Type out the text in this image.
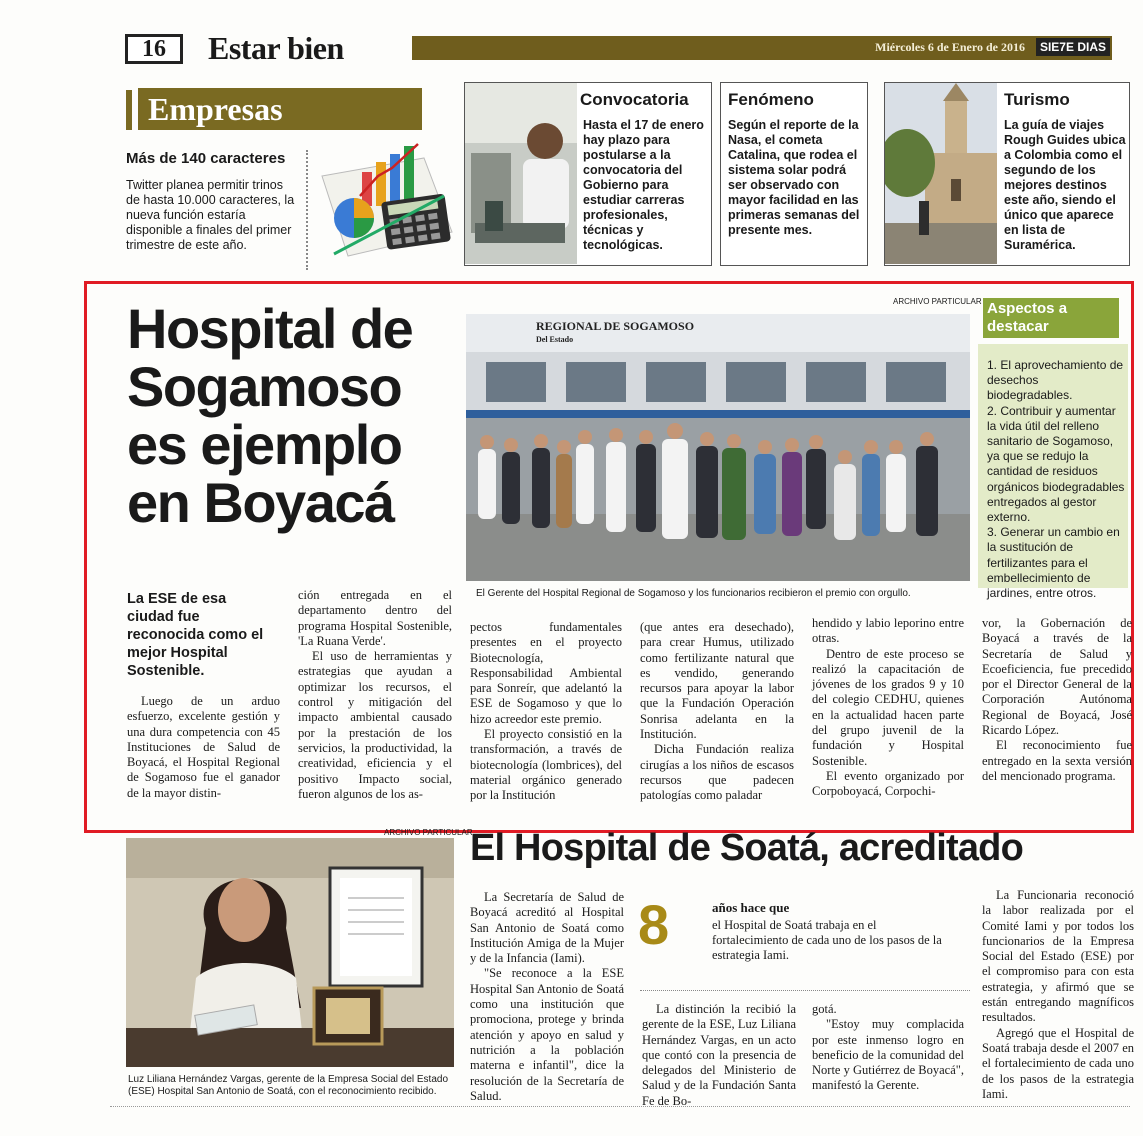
16	Estar bien	Miércoles 6 de Enero de 2016	SIE7E DIAS
Empresas
Más de 140 caracteres
Twitter planea permitir trinos de hasta 10.000 caracteres, la nueva función estaría disponible a finales del primer trimestre de este año.
Convocatoria
Hasta el 17 de enero hay plazo para postularse a la convocatoria del Gobierno para estudiar carreras profesionales, técnicas y tecnológicas.
Fenómeno
Según el reporte de la Nasa, el cometa Catalina, que rodea el sistema solar podrá ser observado con mayor facilidad en las primeras semanas del presente mes.
Turismo
La guía de viajes Rough Guides ubica a Colombia como el segundo de los mejores destinos este año, siendo el único que aparece en lista de Suramérica.
ARCHIVO PARTICULAR
Hospital de Sogamoso es ejemplo en Boyacá
REGIONAL DE SOGAMOSO
Del Estado
El Gerente del Hospital Regional de Sogamoso y los funcionarios recibieron el premio con orgullo.
Aspectos a destacar
1. El aprovechamiento de desechos biodegradables.
2. Contribuir y aumentar la vida útil del relleno sanitario de Sogamoso, ya que se redujo la cantidad de residuos orgánicos biodegradables entregados al gestor externo.
3. Generar un cambio en la sustitución de fertilizantes para el embellecimiento de jardines, entre otros.
La ESE de esa ciudad fue reconocida como el mejor Hospital Sostenible.

Luego de un arduo esfuerzo, excelente gestión y una dura competencia con 45 Instituciones de Salud de Boyacá, el Hospital Regional de Sogamoso fue el ganador de la mayor distin-

ción entregada en el departamento dentro del programa Hospital Sostenible, 'La Ruana Verde'.

El uso de herramientas y estrategias que ayudan a optimizar los recursos, el control y mitigación del impacto ambiental causado por la prestación de los servicios, la productividad, la creatividad, eficiencia y el positivo Impacto social, fueron algunos de los as-

pectos fundamentales presentes en el proyecto Biotecnología, Responsabilidad Ambiental para Sonreír, que adelantó la ESE de Sogamoso y que lo hizo acreedor este premio.

El proyecto consistió en la transformación, a través de biotecnología (lombrices), del material orgánico generado por la Institución

(que antes era desechado), para crear Humus, utilizado como fertilizante natural que es vendido, generando recursos para apoyar la labor que la Fundación Operación Sonrisa adelanta en la Institución.

Dicha Fundación realiza cirugías a los niños de escasos recursos que padecen patologías como paladar

hendido y labio leporino entre otras.

Dentro de este proceso se realizó la capacitación de jóvenes de los grados 9 y 10 del colegio CEDHU, quienes en la actualidad hacen parte del grupo juvenil de la fundación y Hospital Sostenible.

El evento organizado por Corpoboyacá, Corpochi-

vor, la Gobernación de Boyacá a través de la Secretaría de Salud y Ecoeficiencia, fue precedido por el Director General de la Corporación Autónoma Regional de Boyacá, José Ricardo López.

El reconocimiento fue entregado en la sexta versión del mencionado programa.

ARCHIVO PARTICULAR
Luz Liliana Hernández Vargas, gerente de la Empresa Social del Estado (ESE) Hospital San Antonio de Soatá, con el reconocimiento recibido.
El Hospital de Soatá, acreditado

La Secretaría de Salud de Boyacá acreditó al Hospital San Antonio de Soatá como Institución Amiga de la Mujer y de la Infancia (Iami).

"Se reconoce a la ESE Hospital San Antonio de Soatá como una institución que promociona, protege y brinda atención y apoyo en salud y nutrición a la población materna e infantil", dice la resolución de la Secretaría de Salud.

8	años hace que
el Hospital de Soatá trabaja en el fortalecimiento de cada uno de los pasos de la estrategia Iami.

La distinción la recibió la gerente de la ESE, Luz Liliana Hernández Vargas, en un acto que contó con la presencia de delegados del Ministerio de Salud y de la Fundación Santa Fe de Bo-

gotá.

"Estoy muy complacida por este inmenso logro en beneficio de la comunidad del Norte y Gutiérrez de Boyacá", manifestó la Gerente.

La Funcionaria reconoció la labor realizada por el Comité Iami y por todos los funcionarios de la Empresa Social del Estado (ESE) por el compromiso para con esta estrategia, y afirmó que se están entregando magníficos resultados.

Agregó que el Hospital de Soatá trabaja desde el 2007 en el fortalecimiento de cada uno de los pasos de la estrategia Iami.
